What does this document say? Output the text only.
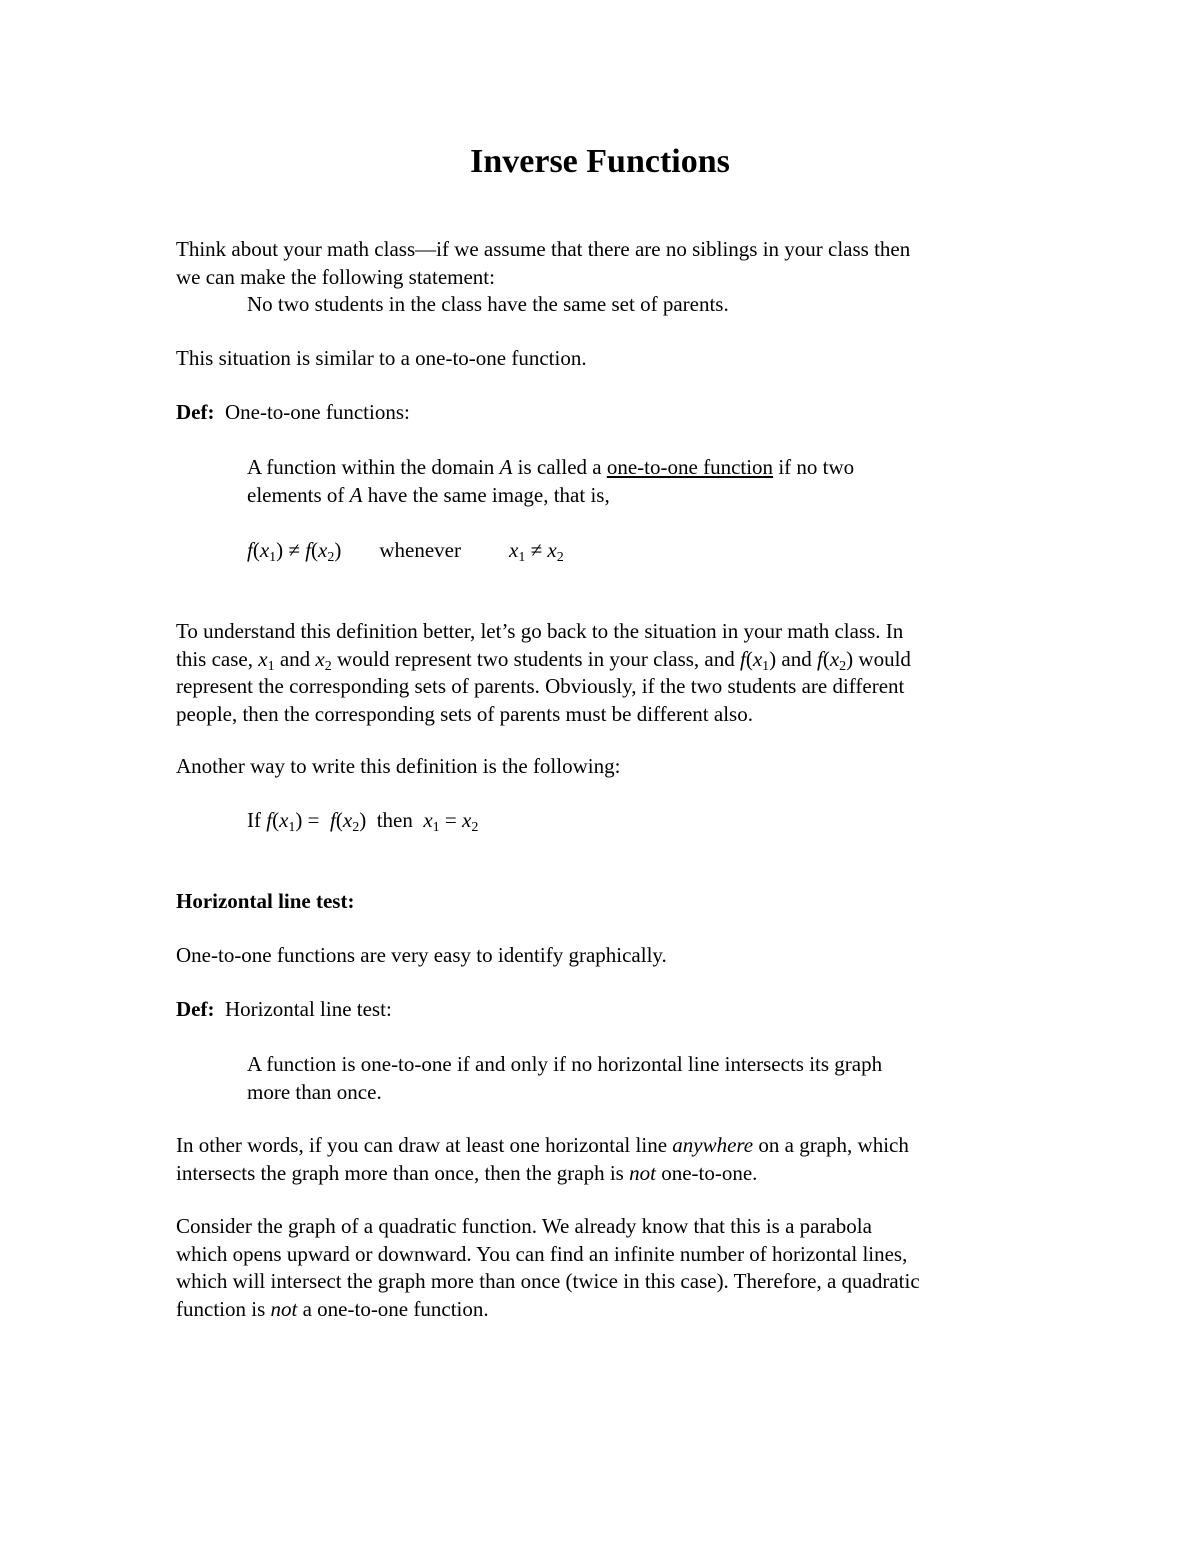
Inverse Functions
Think about your math class—if we assume that there are no siblings in your class then
we can make the following statement:
No two students in the class have the same set of parents.
This situation is similar to a one-to-one function.
Def: One-to-one functions:
A function within the domain A is called a one-to-one function if no two
elements of A have the same image, that is,
$f(x_1) \ne f(x_2)$ whenever $x_1 \ne x_2$
To understand this definition better, let’s go back to the situation in your math class. In
this case, $x_1$ and $x_2$ would represent two students in your class, and $f(x_1)$ and $f(x_2)$ would
represent the corresponding sets of parents. Obviously, if the two students are different
people, then the corresponding sets of parents must be different also.
Another way to write this definition is the following:
If $f(x_1) = f(x_2)$  then $x_1 = x_2$
Horizontal line test:
One-to-one functions are very easy to identify graphically.
Def: Horizontal line test:
A function is one-to-one if and only if no horizontal line intersects its graph
more than once.
In other words, if you can draw at least one horizontal line anywhere on a graph, which
intersects the graph more than once, then the graph is not one-to-one.
Consider the graph of a quadratic function. We already know that this is a parabola
which opens upward or downward. You can find an infinite number of horizontal lines,
which will intersect the graph more than once (twice in this case). Therefore, a quadratic
function is not a one-to-one function.
